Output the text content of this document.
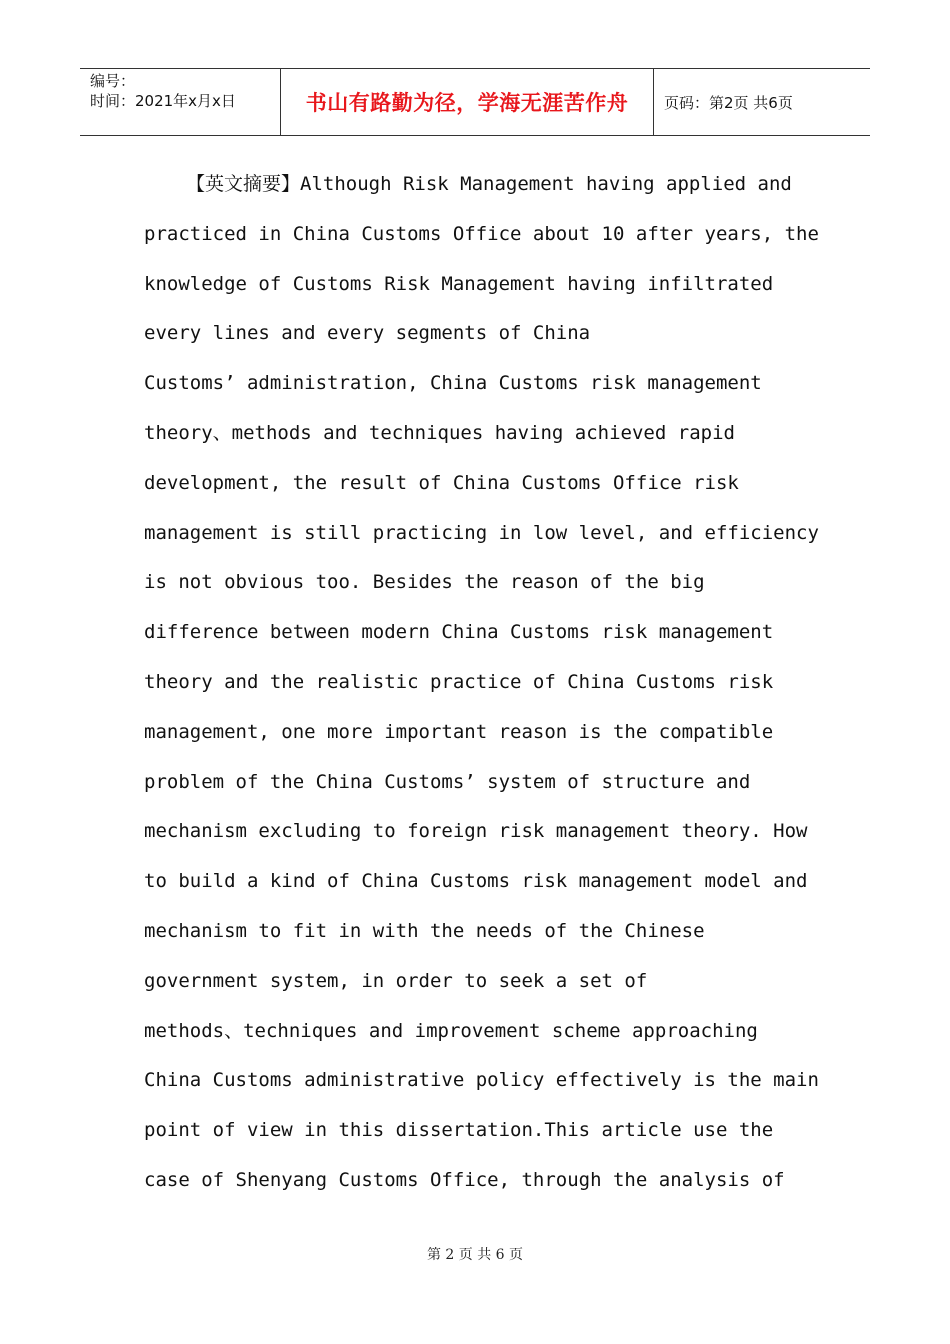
编号：
时间：2021年x月x日	书山有路勤为径，学海无涯苦作舟 页码：第2页 共6页
【英文摘要】Although Risk Management having applied and
practiced in China Customs Office about 10 after years, the
knowledge of Customs Risk Management having infiltrated
every lines and every segments of China
Customs’ administration, China Customs risk management
theory、methods and techniques having achieved rapid
development, the result of China Customs Office risk
management is still practicing in low level, and efficiency
is not obvious too. Besides the reason of the big
difference between modern China Customs risk management
theory and the realistic practice of China Customs risk
management, one more important reason is the compatible
problem of the China Customs’ system of structure and
mechanism excluding to foreign risk management theory. How
to build a kind of China Customs risk management model and
mechanism to fit in with the needs of the Chinese
government system, in order to seek a set of
methods、techniques and improvement scheme approaching
China Customs administrative policy effectively is the main
point of view in this dissertation.This article use the
case of Shenyang Customs Office, through the analysis of
第 2 页 共 6 页
